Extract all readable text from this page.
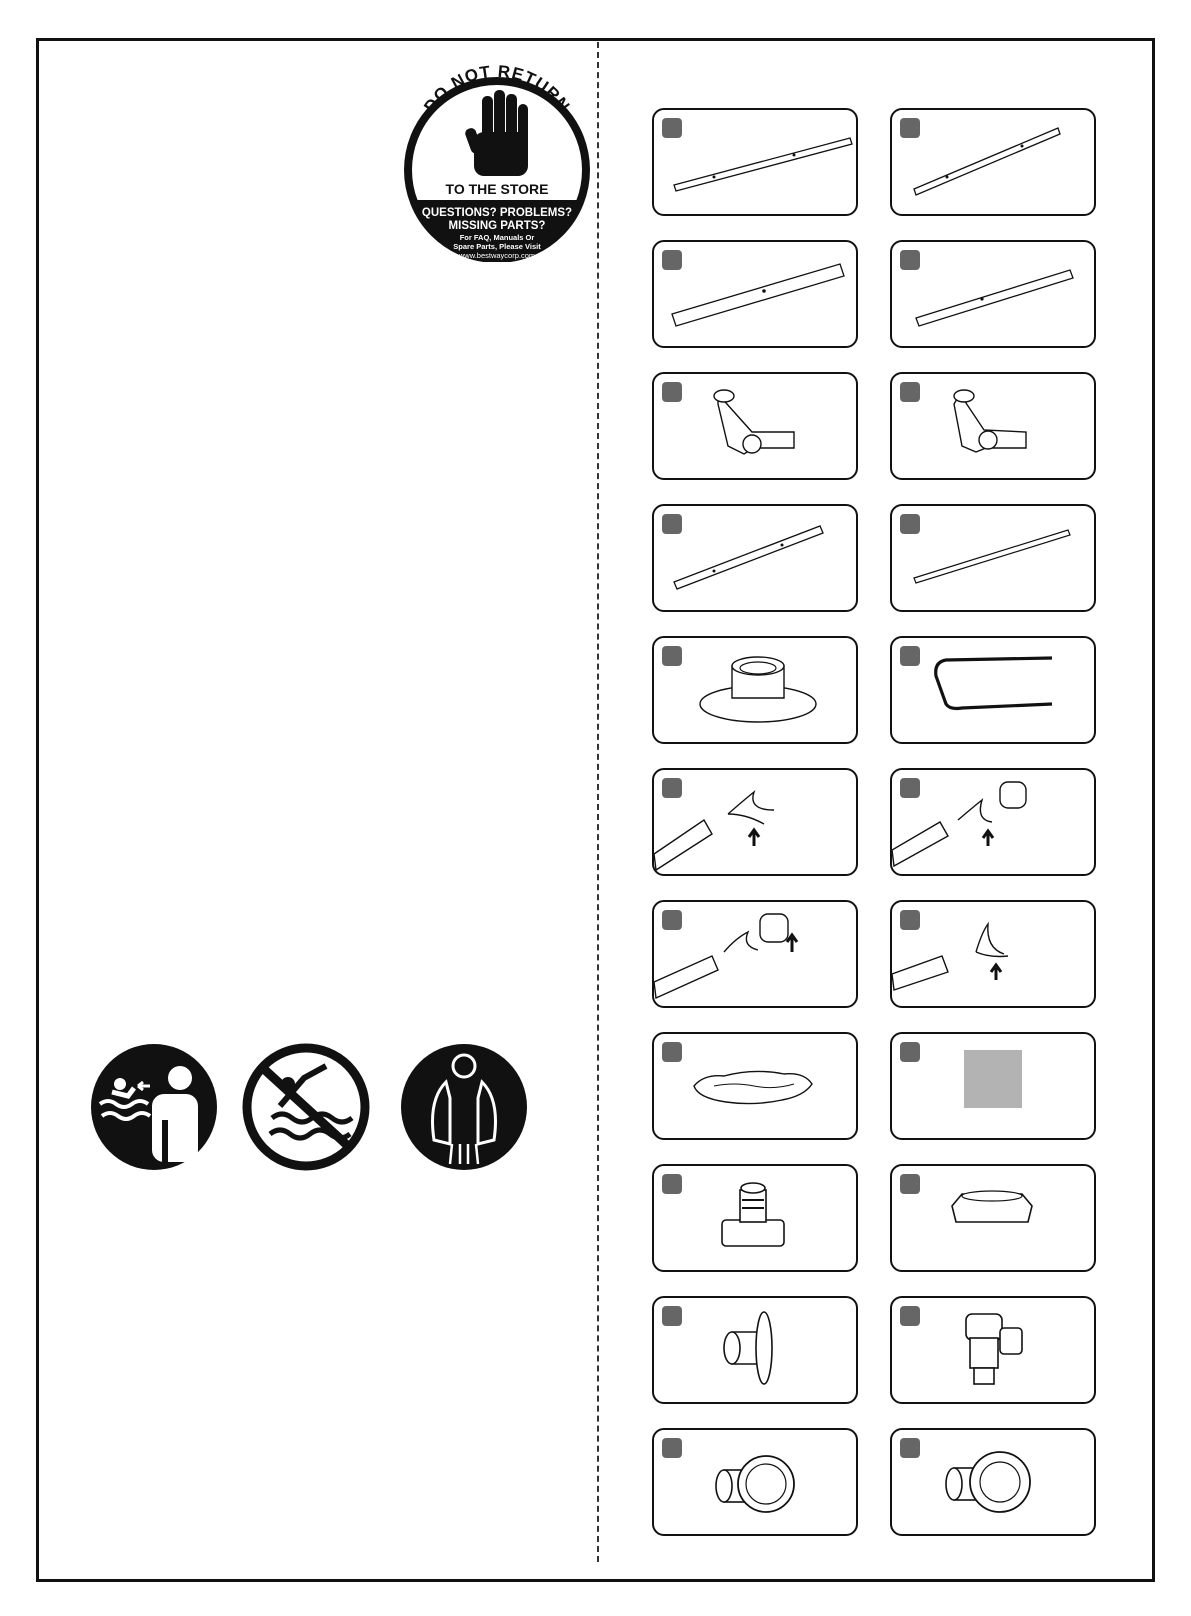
DO NOT RETURN
TO THE STORE
QUESTIONS? PROBLEMS?
MISSING PARTS?
For FAQ, Manuals Or
Spare Parts, Please Visit
www.bestwaycorp.com
